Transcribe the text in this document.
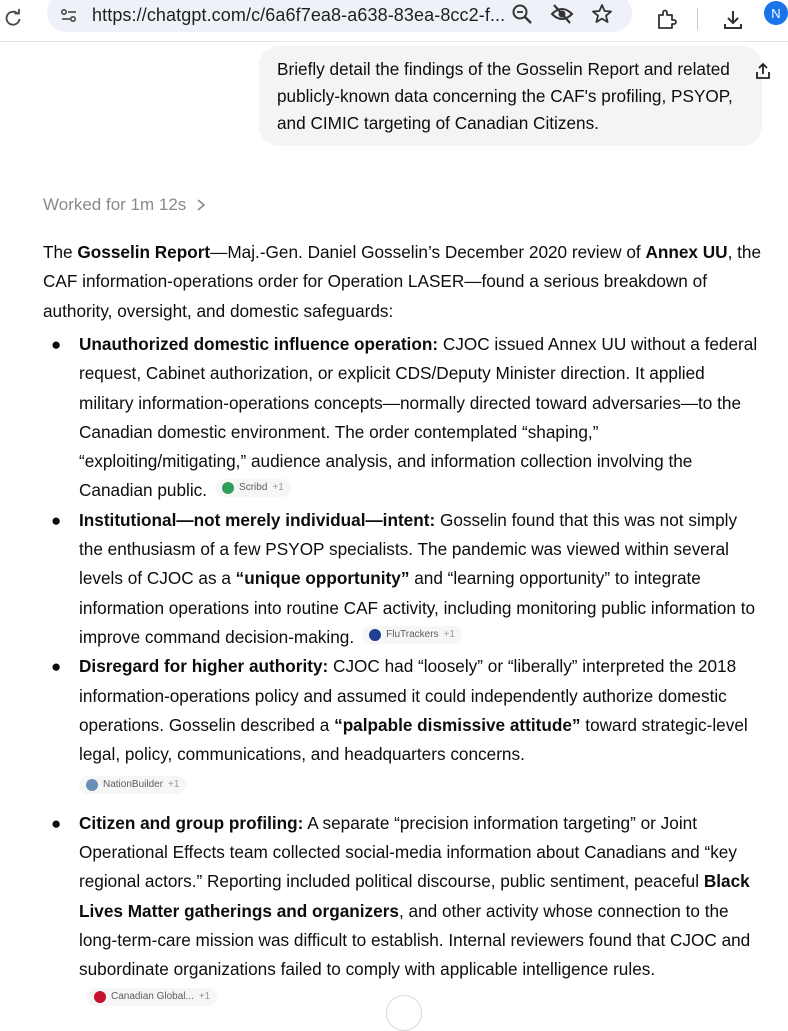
https://chatgpt.com/c/6a6f7ea8-a638-83ea-8cc2-f...	N
Briefly detail the findings of the Gosselin Report and related publicly-known data concerning the CAF's profiling, PSYOP, and CIMIC targeting of Canadian Citizens.
Worked for 1m 12s
The Gosselin Report—Maj.-Gen. Daniel Gosselin’s December 2020 review of Annex UU, the CAF information-operations order for Operation LASER—found a serious breakdown of authority, oversight, and domestic safeguards:
● Unauthorized domestic influence operation: CJOC issued Annex UU without a federal request, Cabinet authorization, or explicit CDS/Deputy Minister direction. It applied military information-operations concepts—normally directed toward adversaries—to the Canadian domestic environment. The order contemplated “shaping,” “exploiting/mitigating,” audience analysis, and information collection involving the Canadian public.	Scribd +1
● Institutional—not merely individual—intent: Gosselin found that this was not simply the enthusiasm of a few PSYOP specialists. The pandemic was viewed within several levels of CJOC as a “unique opportunity” and “learning opportunity” to integrate information operations into routine CAF activity, including monitoring public information to improve command decision-making.	FluTrackers +1
● Disregard for higher authority: CJOC had “loosely” or “liberally” interpreted the 2018 information-operations policy and assumed it could independently authorize domestic operations. Gosselin described a “palpable dismissive attitude” toward strategic-level legal, policy, communications, and headquarters concerns.
NationBuilder +1
● Citizen and group profiling: A separate “precision information targeting” or Joint Operational Effects team collected social-media information about Canadians and “key regional actors.” Reporting included political discourse, public sentiment, peaceful Black Lives Matter gatherings and organizers, and other activity whose connection to the long-term-care mission was difficult to establish. Internal reviewers found that CJOC and subordinate organizations failed to comply with applicable intelligence rules.
Canadian Global... +1
